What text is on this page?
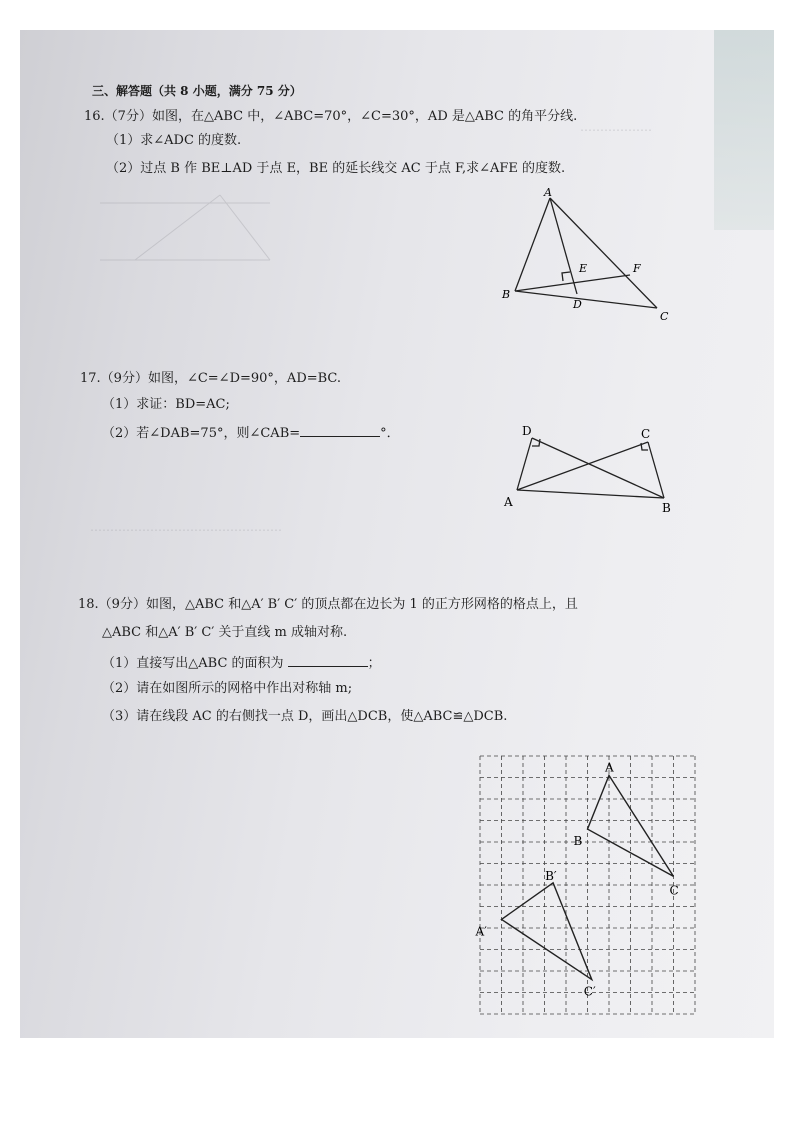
………………
…………………………………………
三、解答题（共 8 小题，满分 75 分）
16.（7分）如图，在△ABC 中，∠ABC=70°，∠C=30°，AD 是△ABC 的角平分线.
（1）求∠ADC 的度数.
（2）过点 B 作 BE⊥AD 于点 E，BE 的延长线交 AC 于点 F,求∠AFE 的度数.
A
B
C
D
E	F
17.（9分）如图，∠C=∠D=90°，AD=BC.
（1）求证：BD=AC;
（2）若∠DAB=75°，则∠CAB=	°．	D	C
A	B
18.（9分）如图，△ABC 和△A′ B′ C′ 的顶点都在边长为 1 的正方形网格的格点上，且
△ABC 和△A′ B′ C′ 关于直线 m 成轴对称.
（1）直接写出△ABC 的面积为	；
（2）请在如图所示的网格中作出对称轴 m;
（3）请在线段 AC 的右侧找一点 D，画出△DCB，使△ABC≌△DCB.
A
B
C
A′
B′
C′
